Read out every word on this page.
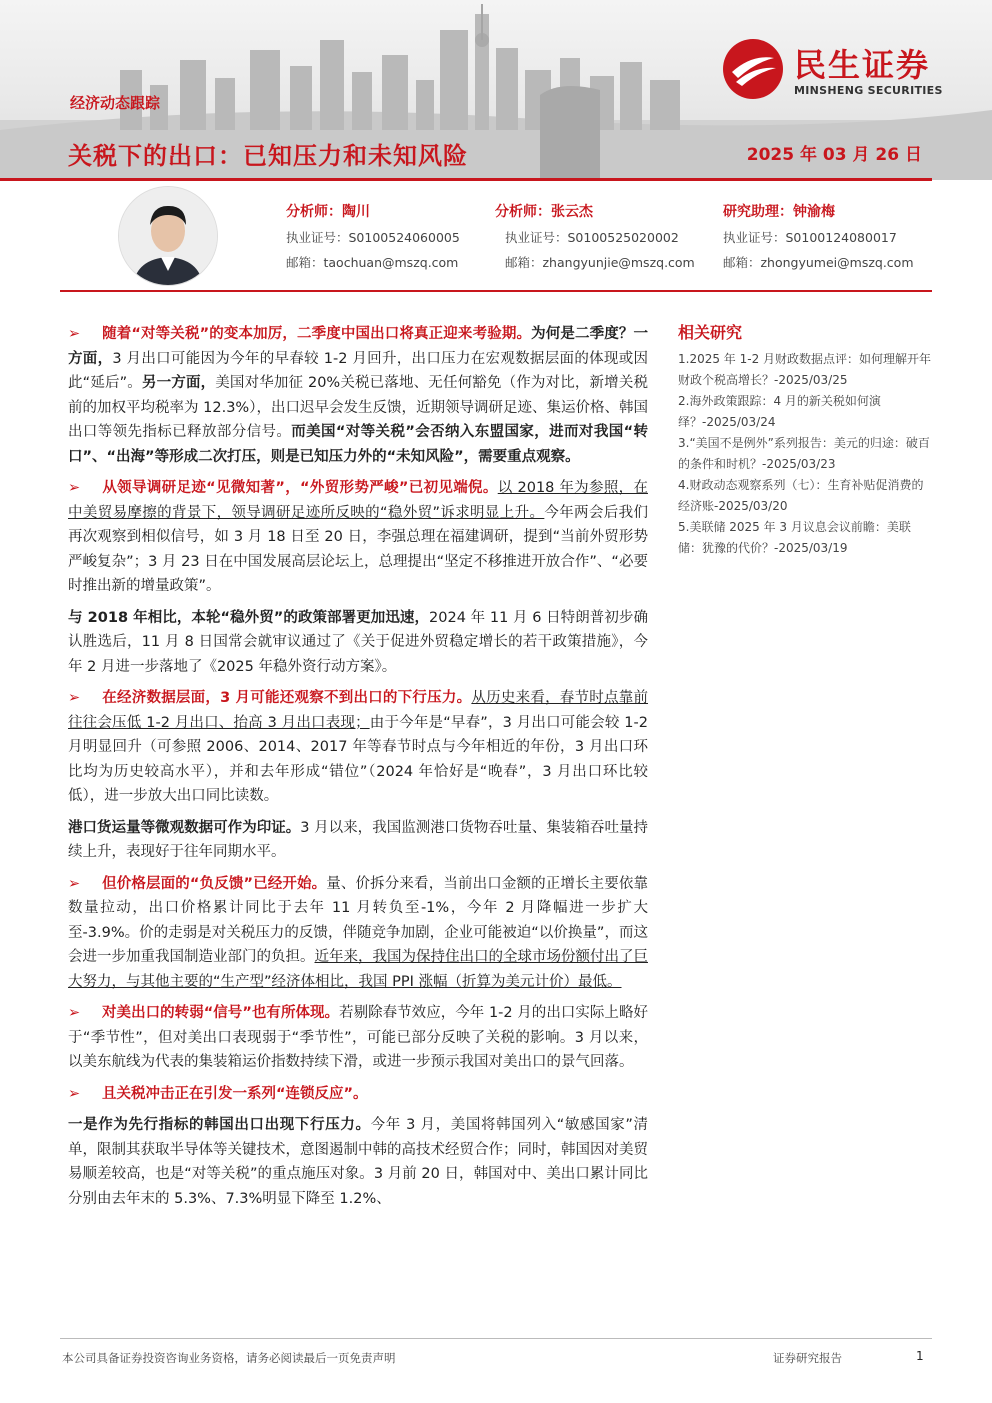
经济动态跟踪
关税下的出口：已知压力和未知风险	2025 年 03 月 26 日
民生证券
MINSHENG SECURITIES
分析师：陶川
执业证号：S0100524060005
邮箱：taochuan@mszq.com
分析师：张云杰
执业证号：S0100525020002
邮箱：zhangyunjie@mszq.com
研究助理：钟渝梅
执业证号：S0100124080017
邮箱：zhongyumei@mszq.com

➢ 随着“对等关税”的变本加厉，二季度中国出口将真正迎来考验期。为何是二季度？一方面，3 月出口可能因为今年的早春较 1-2 月回升，出口压力在宏观数据层面的体现或因此“延后”。另一方面，美国对华加征 20%关税已落地、无任何豁免（作为对比，新增关税前的加权平均税率为 12.3%），出口迟早会发生反馈，近期领导调研足迹、集运价格、韩国出口等领先指标已释放部分信号。而美国“对等关税”会否纳入东盟国家，进而对我国“转口”、“出海”等形成二次打压，则是已知压力外的“未知风险”，需要重点观察。

➢ 从领导调研足迹“见微知著”，“外贸形势严峻”已初见端倪。以 2018 年为参照，在中美贸易摩擦的背景下，领导调研足迹所反映的“稳外贸”诉求明显上升。今年两会后我们再次观察到相似信号，如 3 月 18 日至 20 日，李强总理在福建调研，提到“当前外贸形势严峻复杂”；3 月 23 日在中国发展高层论坛上，总理提出“坚定不移推进开放合作”、“必要时推出新的增量政策”。

与 2018 年相比，本轮“稳外贸”的政策部署更加迅速，2024 年 11 月 6 日特朗普初步确认胜选后，11 月 8 日国常会就审议通过了《关于促进外贸稳定增长的若干政策措施》，今年 2 月进一步落地了《2025 年稳外资行动方案》。

➢ 在经济数据层面，3 月可能还观察不到出口的下行压力。从历史来看，春节时点靠前往往会压低 1-2 月出口、抬高 3 月出口表现；由于今年是“早春”，3 月出口可能会较 1-2 月明显回升（可参照 2006、2014、2017 年等春节时点与今年相近的年份，3 月出口环比均为历史较高水平），并和去年形成“错位”（2024 年恰好是“晚春”，3 月出口环比较低），进一步放大出口同比读数。

港口货运量等微观数据可作为印证。3 月以来，我国监测港口货物吞吐量、集装箱吞吐量持续上升，表现好于往年同期水平。

➢ 但价格层面的“负反馈”已经开始。量、价拆分来看，当前出口金额的正增长主要依靠数量拉动，出口价格累计同比于去年 11 月转负至-1%，今年 2 月降幅进一步扩大至-3.9%。价的走弱是对关税压力的反馈，伴随竞争加剧，企业可能被迫“以价换量”，而这会进一步加重我国制造业部门的负担。近年来，我国为保持住出口的全球市场份额付出了巨大努力，与其他主要的“生产型”经济体相比，我国 PPI 涨幅（折算为美元计价）最低。

➢ 对美出口的转弱“信号”也有所体现。若剔除春节效应，今年 1-2 月的出口实际上略好于“季节性”，但对美出口表现弱于“季节性”，可能已部分反映了关税的影响。3 月以来，以美东航线为代表的集装箱运价指数持续下滑，或进一步预示我国对美出口的景气回落。

➢ 且关税冲击正在引发一系列“连锁反应”。

一是作为先行指标的韩国出口出现下行压力。今年 3 月，美国将韩国列入“敏感国家”清单，限制其获取半导体等关键技术，意图遏制中韩的高技术经贸合作；同时，韩国因对美贸易顺差较高，也是“对等关税”的重点施压对象。3 月前 20 日，韩国对中、美出口累计同比分别由去年末的 5.3%、7.3%明显下降至 1.2%、

相关研究

1.2025 年 1-2 月财政数据点评：如何理解开年财政个税高增长？-2025/03/25

2.海外政策跟踪：4 月的新关税如何演绎？-2025/03/24

3.“美国不是例外”系列报告：美元的归途：破百的条件和时机？-2025/03/23

4.财政动态观察系列（七）：生育补贴促消费的经济账-2025/03/20

5.美联储 2025 年 3 月议息会议前瞻：美联储：犹豫的代价？-2025/03/19

本公司具备证券投资咨询业务资格，请务必阅读最后一页免责声明	证券研究报告	1
